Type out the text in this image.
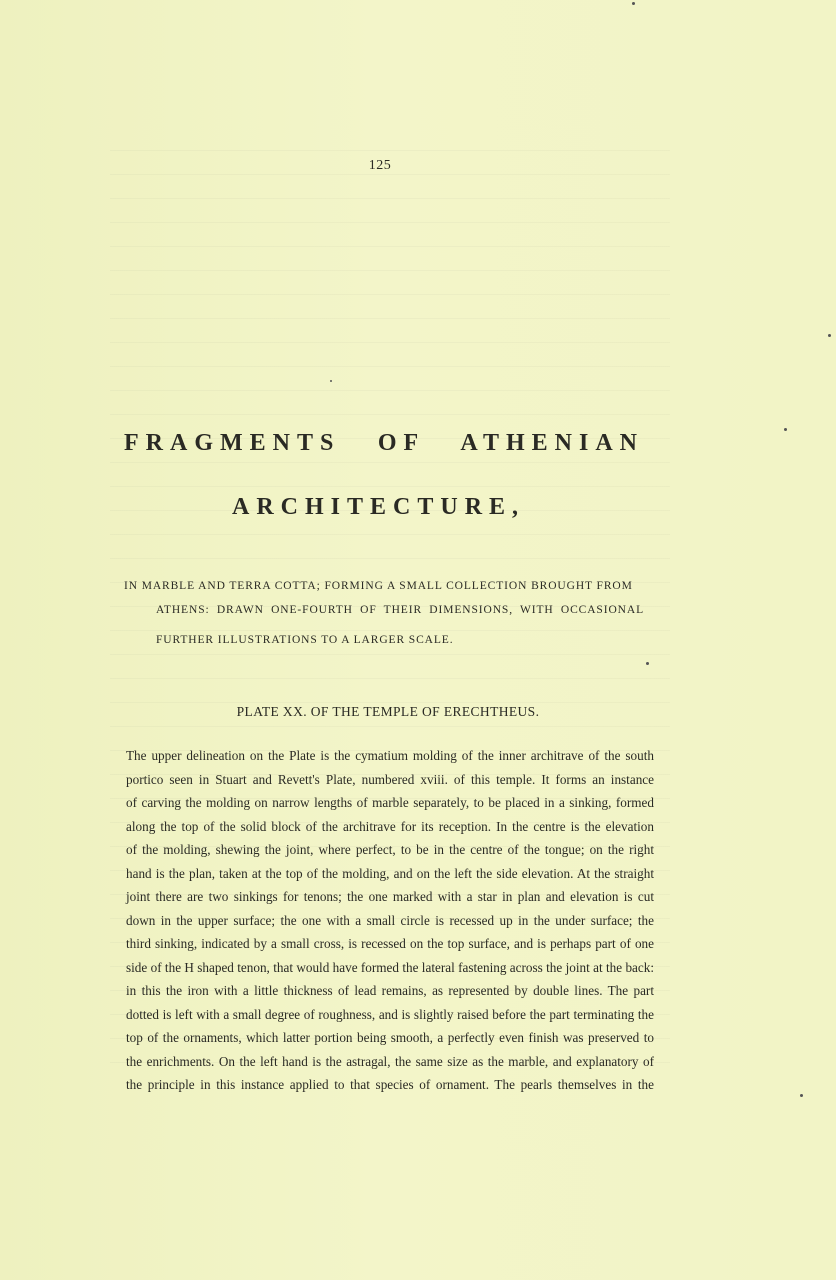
125
FRAGMENTS OF ATHENIAN
ARCHITECTURE,
IN MARBLE AND TERRA COTTA; FORMING A SMALL COLLECTION BROUGHT FROM
ATHENS: DRAWN ONE-FOURTH OF THEIR DIMENSIONS, WITH OCCASIONAL
FURTHER ILLUSTRATIONS TO A LARGER SCALE.
PLATE XX. OF THE TEMPLE OF ERECHTHEUS.
The upper delineation on the Plate is the cymatium molding of the inner architrave of the south
portico seen in Stuart and Revett's Plate, numbered xviii. of this temple. It forms an instance
of carving the molding on narrow lengths of marble separately, to be placed in a sinking, formed
along the top of the solid block of the architrave for its reception. In the centre is the elevation
of the molding, shewing the joint, where perfect, to be in the centre of the tongue; on the right
hand is the plan, taken at the top of the molding, and on the left the side elevation. At the straight
joint there are two sinkings for tenons; the one marked with a star in plan and elevation is cut
down in the upper surface; the one with a small circle is recessed up in the under surface; the
third sinking, indicated by a small cross, is recessed on the top surface, and is perhaps part of one
side of the H shaped tenon, that would have formed the lateral fastening across the joint at the back:
in this the iron with a little thickness of lead remains, as represented by double lines. The part
dotted is left with a small degree of roughness, and is slightly raised before the part terminating the
top of the ornaments, which latter portion being smooth, a perfectly even finish was preserved to
the enrichments. On the left hand is the astragal, the same size as the marble, and explanatory of
the principle in this instance applied to that species of ornament. The pearls themselves in the
